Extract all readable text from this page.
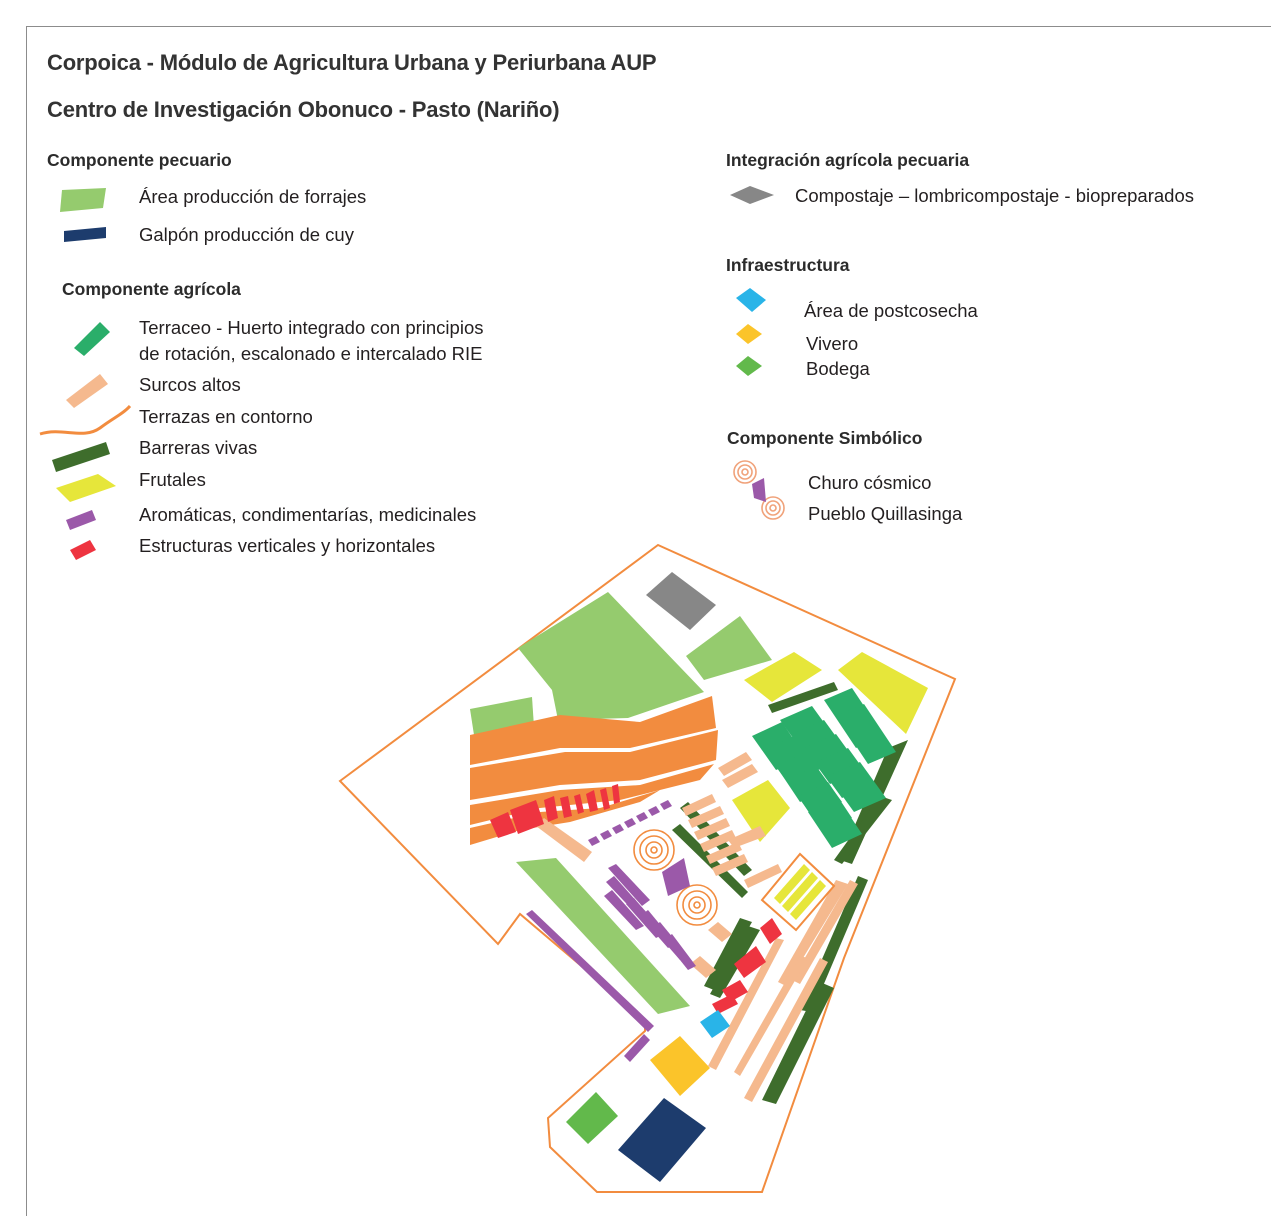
Corpoica - Módulo de Agricultura Urbana y Periurbana AUP
Centro de Investigación Obonuco - Pasto (Nariño)
Componente pecuario
Área producción de forrajes
Galpón producción de cuy
Componente agrícola
Terraceo - Huerto integrado con principios
de rotación, escalonado e intercalado RIE
Surcos altos
Terrazas en contorno
Barreras vivas
Frutales
Aromáticas, condimentarías, medicinales
Estructuras verticales y horizontales
Integración agrícola pecuaria
Compostaje – lombricompostaje - biopreparados
Infraestructura
Área de postcosecha
Vivero
Bodega
Componente Simbólico
Churo cósmico
Pueblo Quillasinga
